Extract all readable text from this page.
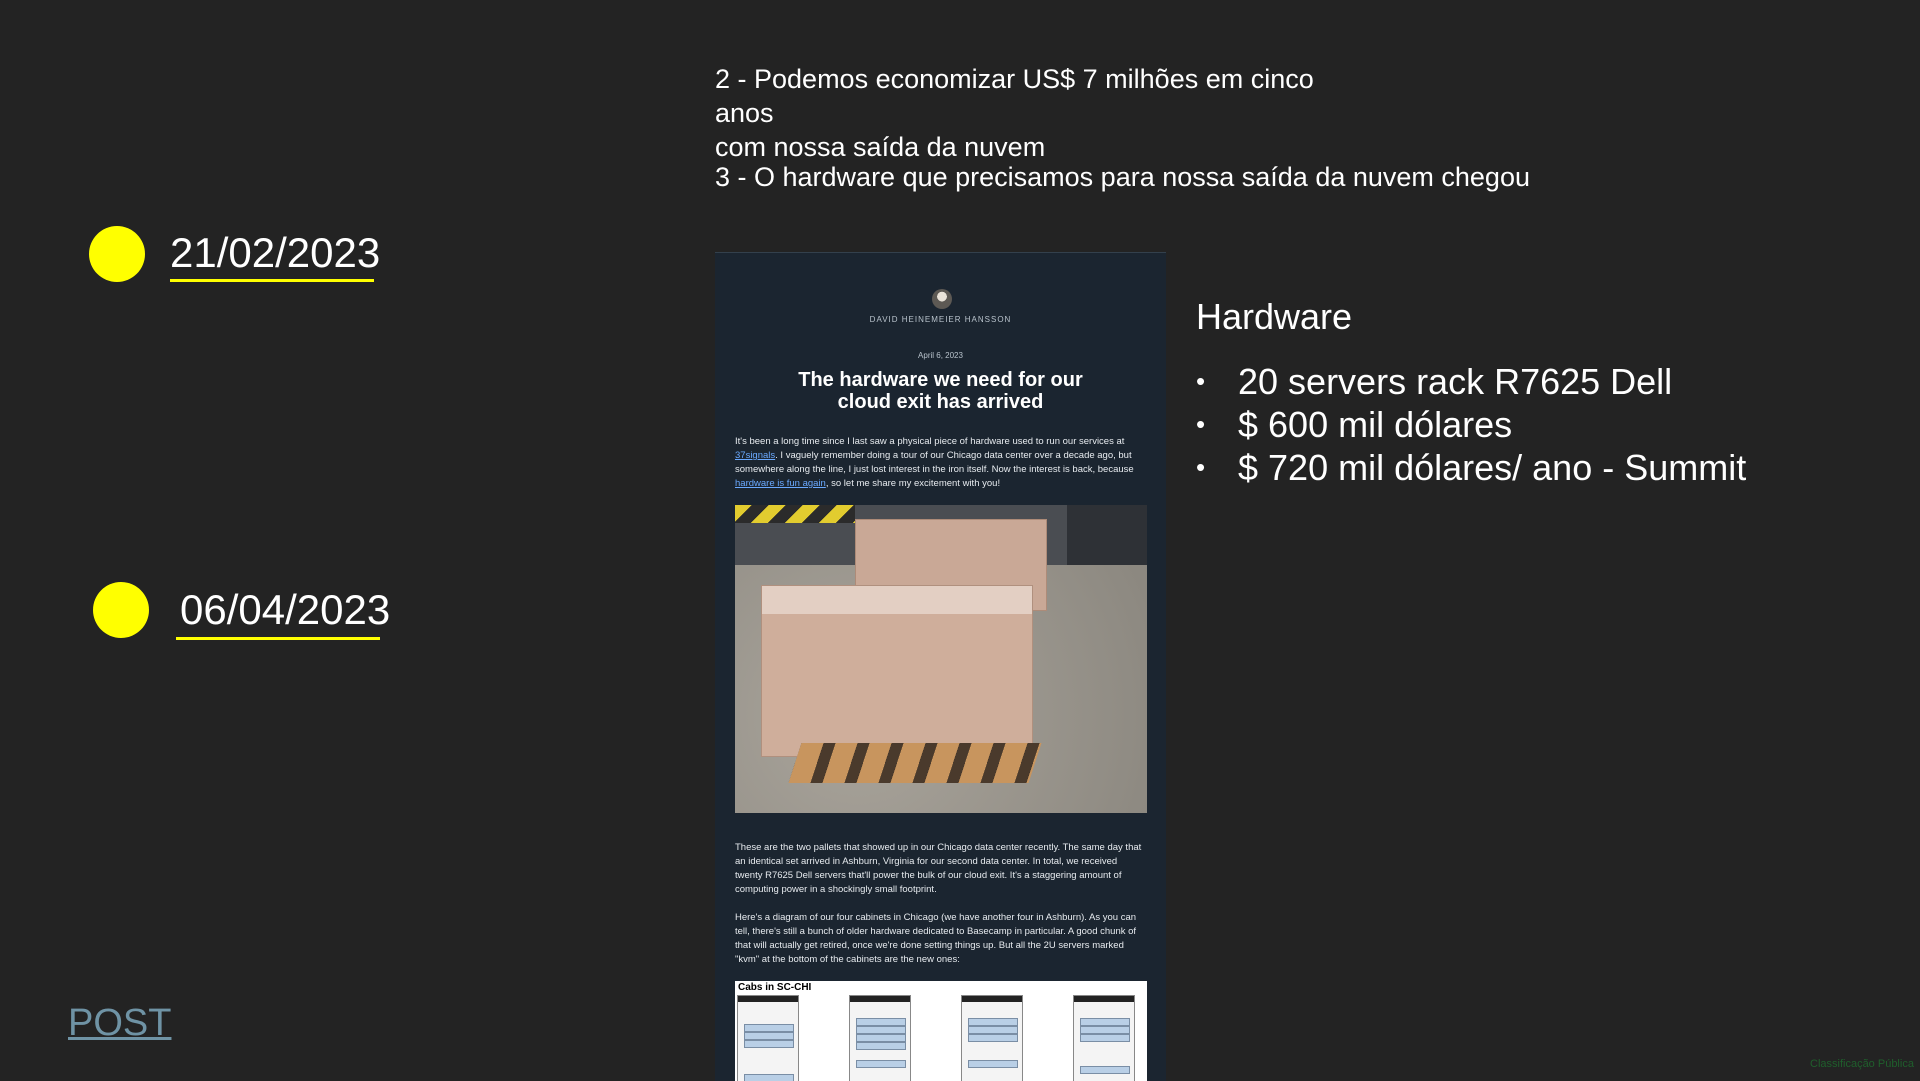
21/02/2023
06/04/2023
2 - Podemos economizar US$ 7 milhões em cinco
anos
com nossa saída da nuvem
3 - O hardware que precisamos para nossa saída da nuvem chegou
DAVID HEINEMEIER HANSSON
April 6, 2023
The hardware we need for our cloud exit has arrived
It's been a long time since I last saw a physical piece of hardware used to run our services at 37signals. I vaguely remember doing a tour of our Chicago data center over a decade ago, but somewhere along the line, I just lost interest in the iron itself. Now the interest is back, because hardware is fun again, so let me share my excitement with you!
These are the two pallets that showed up in our Chicago data center recently. The same day that an identical set arrived in Ashburn, Virginia for our second data center. In total, we received twenty R7625 Dell servers that'll power the bulk of our cloud exit. It's a staggering amount of computing power in a shockingly small footprint.
Here's a diagram of our four cabinets in Chicago (we have another four in Ashburn). As you can tell, there's still a bunch of older hardware dedicated to Basecamp in particular. A good chunk of that will actually get retired, once we're done setting things up. But all the 2U servers marked "kvm" at the bottom of the cabinets are the new ones:
Cabs in SC-CHI
Hardware
• 20 servers rack R7625 Dell
• $ 600 mil dólares
• $ 720 mil dólares/ ano - Summit
POST
Classificação Pública
